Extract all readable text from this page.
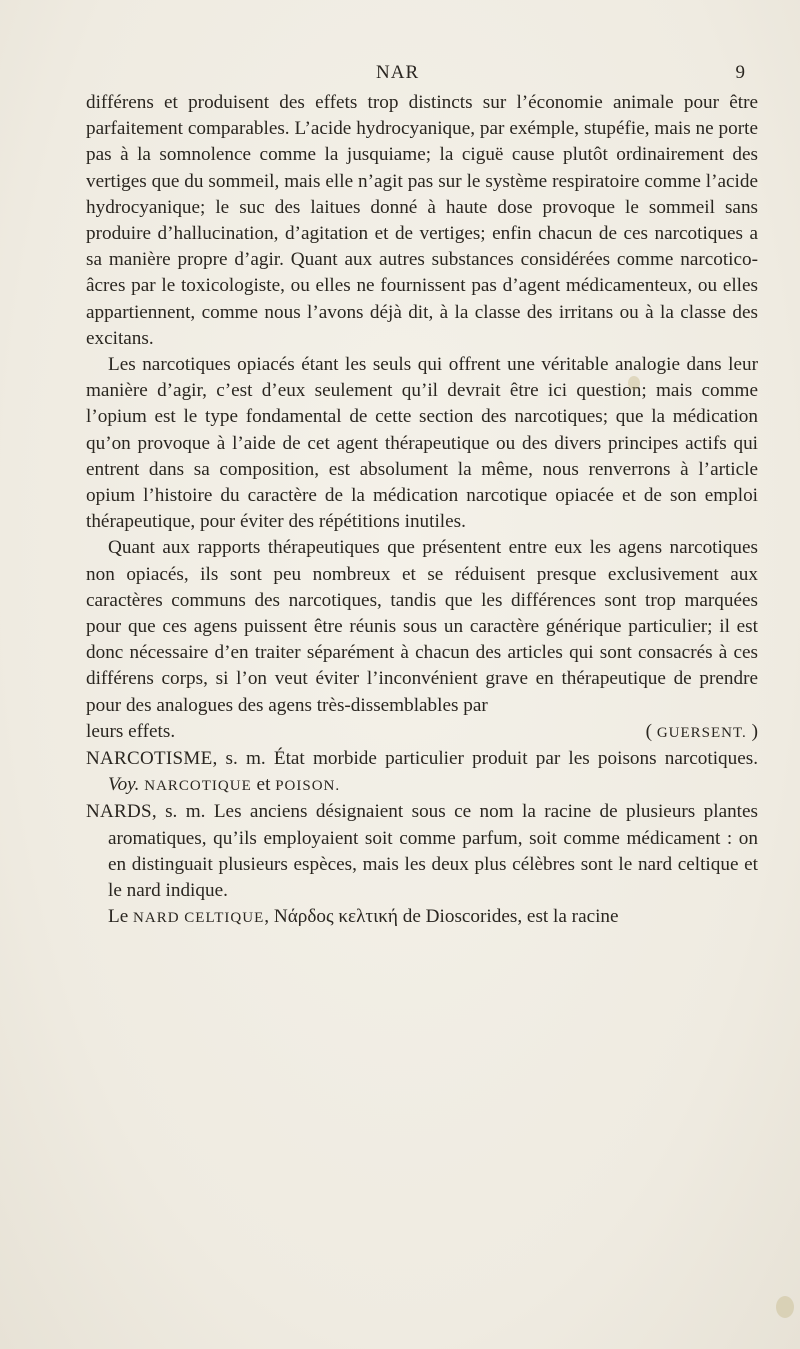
NAR	9

différens et produisent des effets trop distincts sur l’économie animale pour être parfaitement comparables. L’acide hydrocyanique, par exémple, stupéfie, mais ne porte pas à la somnolence comme la jusquiame; la ciguë cause plutôt ordinairement des vertiges que du sommeil, mais elle n’agit pas sur le système respiratoire comme l’acide hydrocyanique; le suc des laitues donné à haute dose provoque le sommeil sans produire d’hallucination, d’agitation et de vertiges; enfin chacun de ces narcotiques a sa manière propre d’agir. Quant aux autres substances considérées comme narcotico-âcres par le toxicologiste, ou elles ne fournissent pas d’agent médicamenteux, ou elles appartiennent, comme nous l’avons déjà dit, à la classe des irritans ou à la classe des excitans.

Les narcotiques opiacés étant les seuls qui offrent une véritable analogie dans leur manière d’agir, c’est d’eux seulement qu’il devrait être ici question; mais comme l’opium est le type fondamental de cette section des narcotiques; que la médication qu’on provoque à l’aide de cet agent thérapeutique ou des divers principes actifs qui entrent dans sa composition, est absolument la même, nous renverrons à l’article opium l’histoire du caractère de la médication narcotique opiacée et de son emploi thérapeutique, pour éviter des répétitions inutiles.

Quant aux rapports thérapeutiques que présentent entre eux les agens narcotiques non opiacés, ils sont peu nombreux et se réduisent presque exclusivement aux caractères communs des narcotiques, tandis que les différences sont trop marquées pour que ces agens puissent être réunis sous un caractère générique particulier; il est donc nécessaire d’en traiter séparément à chacun des articles qui sont consacrés à ces différens corps, si l’on veut éviter l’inconvénient grave en thérapeutique de prendre pour des analogues des agens très-dissemblables par

leurs effets.	( GUERSENT. )

NARCOTISME, s. m. État morbide particulier produit par les poisons narcotiques. Voy. NARCOTIQUE et POISON.

NARDS, s. m. Les anciens désignaient sous ce nom la racine de plusieurs plantes aromatiques, qu’ils employaient soit comme parfum, soit comme médicament : on en distinguait plusieurs espèces, mais les deux plus célèbres sont le nard celtique et le nard indique.

Le NARD CELTIQUE, Νάρδος κελτική de Dioscorides, est la racine
